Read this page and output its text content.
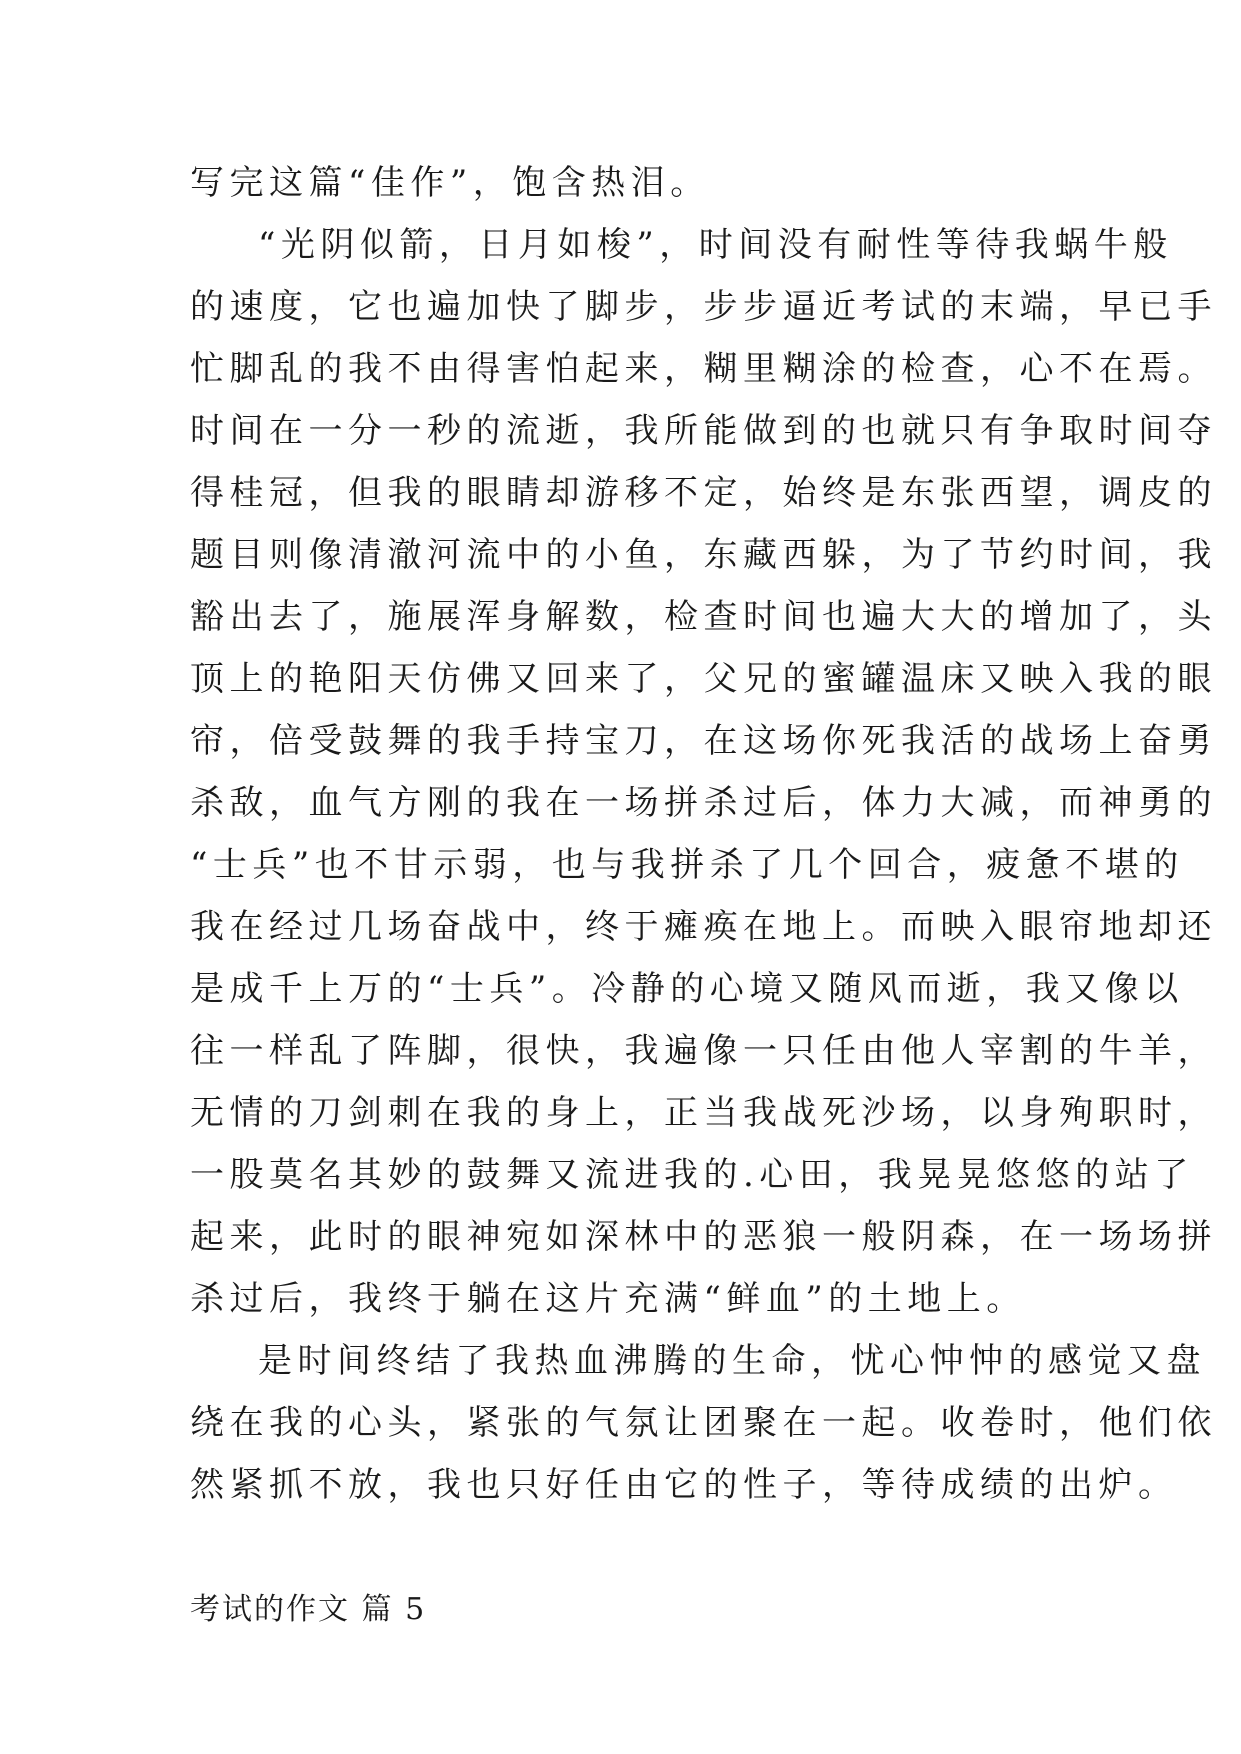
写完这篇“佳作”，饱含热泪。
“光阴似箭，日月如梭”，时间没有耐性等待我蜗牛般
的速度，它也遍加快了脚步，步步逼近考试的末端，早已手
忙脚乱的我不由得害怕起来，糊里糊涂的检查，心不在焉。
时间在一分一秒的流逝，我所能做到的也就只有争取时间夺
得桂冠，但我的眼睛却游移不定，始终是东张西望，调皮的
题目则像清澈河流中的小鱼，东藏西躲，为了节约时间，我
豁出去了，施展浑身解数，检查时间也遍大大的增加了，头
顶上的艳阳天仿佛又回来了，父兄的蜜罐温床又映入我的眼
帘，倍受鼓舞的我手持宝刀，在这场你死我活的战场上奋勇
杀敌，血气方刚的我在一场拼杀过后，体力大减，而神勇的
“士兵”也不甘示弱，也与我拼杀了几个回合，疲惫不堪的
我在经过几场奋战中，终于瘫痪在地上。而映入眼帘地却还
是成千上万的“士兵”。冷静的心境又随风而逝，我又像以
往一样乱了阵脚，很快，我遍像一只任由他人宰割的牛羊，
无情的刀剑刺在我的身上，正当我战死沙场，以身殉职时，
一股莫名其妙的鼓舞又流进我的.心田，我晃晃悠悠的站了
起来，此时的眼神宛如深林中的恶狼一般阴森，在一场场拼
杀过后，我终于躺在这片充满“鲜血”的土地上。
是时间终结了我热血沸腾的生命，忧心忡忡的感觉又盘
绕在我的心头，紧张的气氛让团聚在一起。收卷时，他们依
然紧抓不放，我也只好任由它的性子，等待成绩的出炉。
考试的作文 篇 5
